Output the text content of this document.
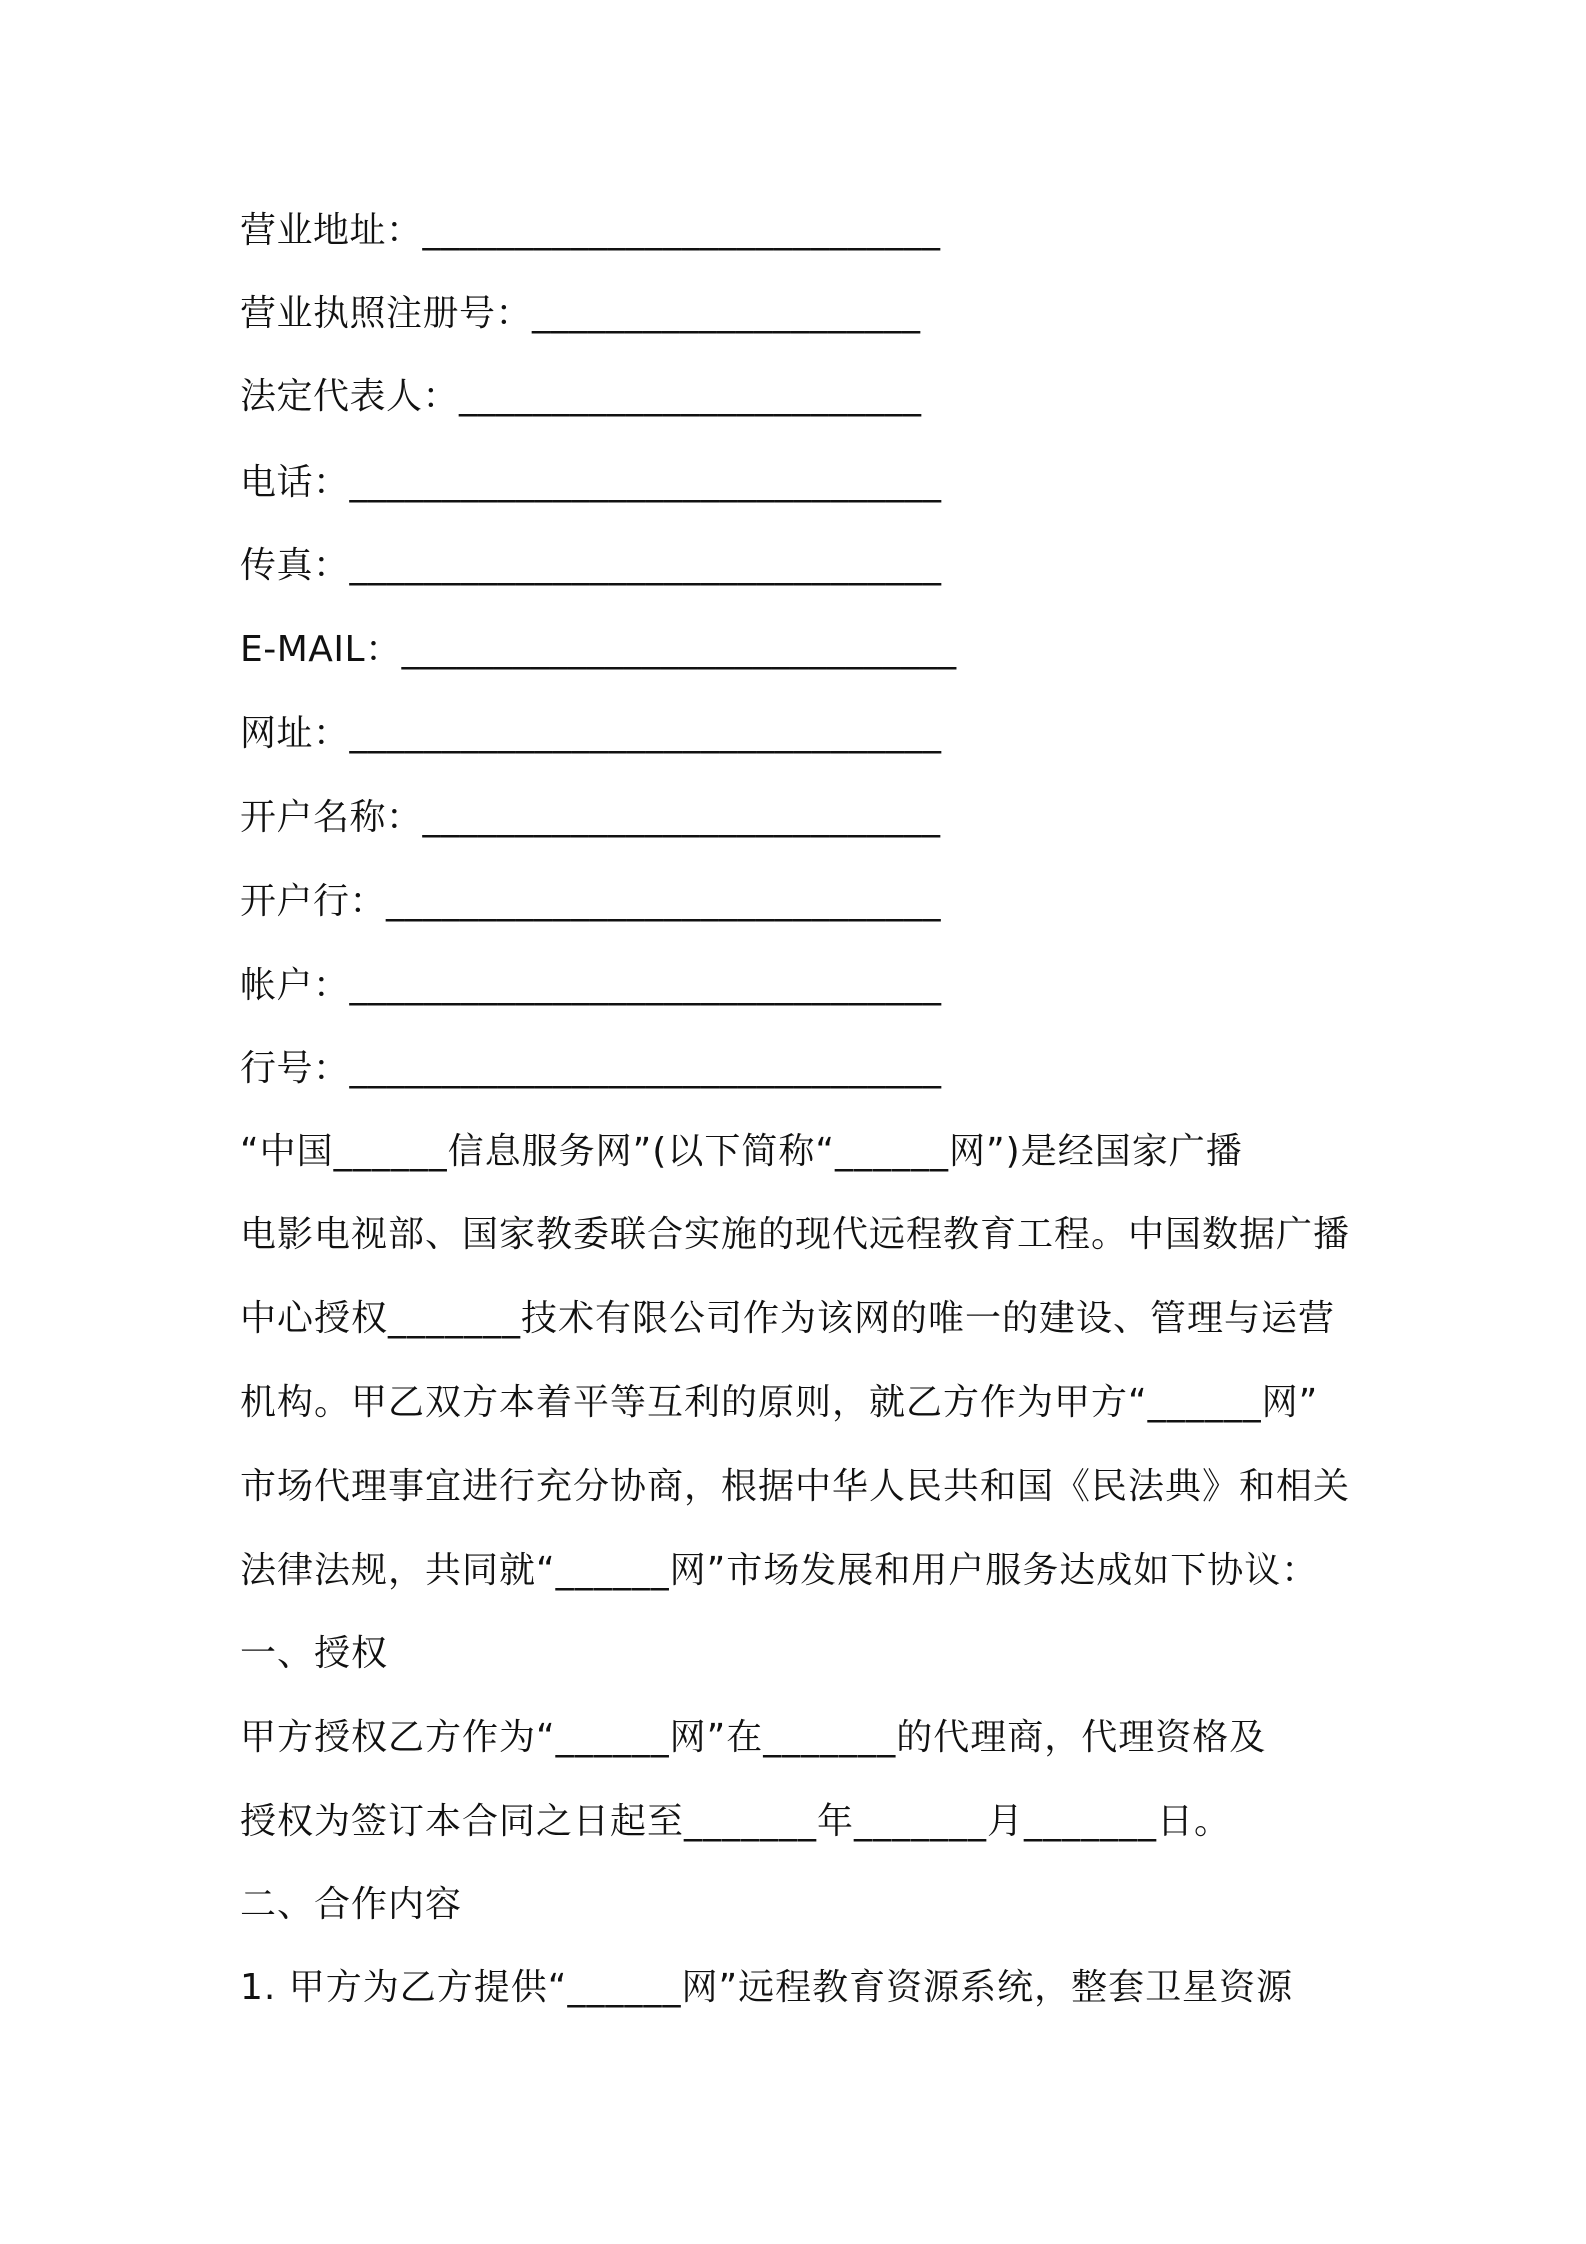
营业地址：____________________________
营业执照注册号：_____________________
法定代表人：_________________________
电话：________________________________
传真：________________________________
E-MAIL：______________________________
网址：________________________________
开户名称：____________________________
开户行：______________________________
帐户：________________________________
行号：________________________________
“中国______信息服务网”(以下简称“______网”)是经国家广播
电影电视部、国家教委联合实施的现代远程教育工程。中国数据广播
中心授权_______技术有限公司作为该网的唯一的建设、管理与运营
机构。甲乙双方本着平等互利的原则，就乙方作为甲方“______网”
市场代理事宜进行充分协商，根据中华人民共和国《民法典》和相关
法律法规，共同就“______网”市场发展和用户服务达成如下协议：
一、授权
甲方授权乙方作为“______网”在_______的代理商，代理资格及
授权为签订本合同之日起至_______年_______月_______日。
二、合作内容
1. 甲方为乙方提供“______网”远程教育资源系统，整套卫星资源
